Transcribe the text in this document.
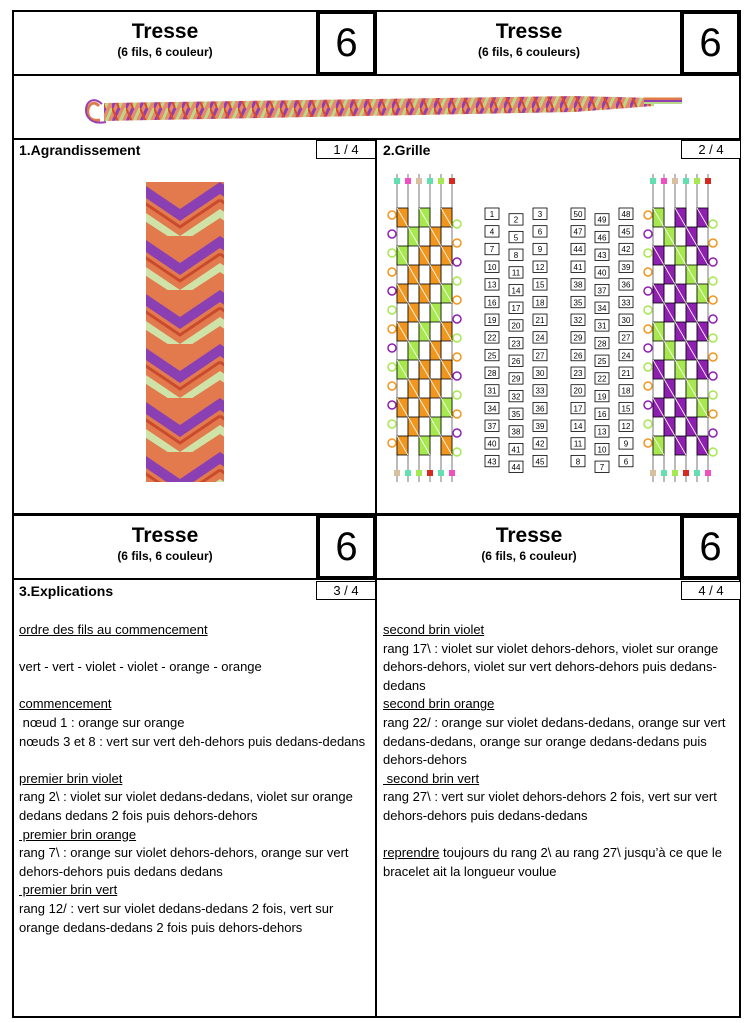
Tresse
(6 fils, 6 couleur)	6	Tresse
(6 fils, 6 couleurs)	6
1.Agrandissement	1 / 4	2.Grille	2 / 4
1
2
3
4
5
6
7
8
9
10
11
12
13
14
15
16
17
18
19
20
21
22
23
24
25
26
27
28
29
30
31
32
33
34
35
36
37
38
39
40
41
42
43
44
45
50
49
48
47
46
45
44
43
42
41
40
39
38
37
36
35
34
33
32
31
30
29
28
27
26
25
24
23
22
21
20
19
18
17
16
15
14
13
12
11
10
9
8
7
6
Tresse
(6 fils, 6 couleur)	6	Tresse
(6 fils, 6 couleur)	6
3.Explications	3 / 4

ordre des fils au commencement

vert - vert - violet - violet - orange - orange

commencement

nœud 1 : orange sur orange

nœuds 3 et 8 : vert sur vert deh-dehors puis dedans-dedans

premier brin violet

rang 2\ : violet sur violet dedans-dedans, violet sur orange dedans dedans 2 fois puis dehors-dehors

premier brin orange

rang 7\ : orange sur violet dehors-dehors, orange sur vert dehors-dehors puis dedans dedans

premier brin vert

rang 12/ : vert sur violet dedans-dedans 2 fois, vert sur orange dedans-dedans 2 fois puis dehors-dehors

4 / 4

second brin violet

rang 17\ : violet sur violet dehors-dehors, violet sur orange dehors-dehors, violet sur vert dehors-dehors puis dedans-dedans

second brin orange

rang 22/ : orange sur violet dedans-dedans, orange sur vert dedans-dedans, orange sur orange dedans-dedans puis dehors-dehors

second brin vert

rang 27\ : vert sur violet dehors-dehors 2 fois, vert sur vert dehors-dehors puis dedans-dedans

reprendre toujours du rang 2\ au rang 27\ jusqu’à ce que le bracelet ait la longueur voulue
